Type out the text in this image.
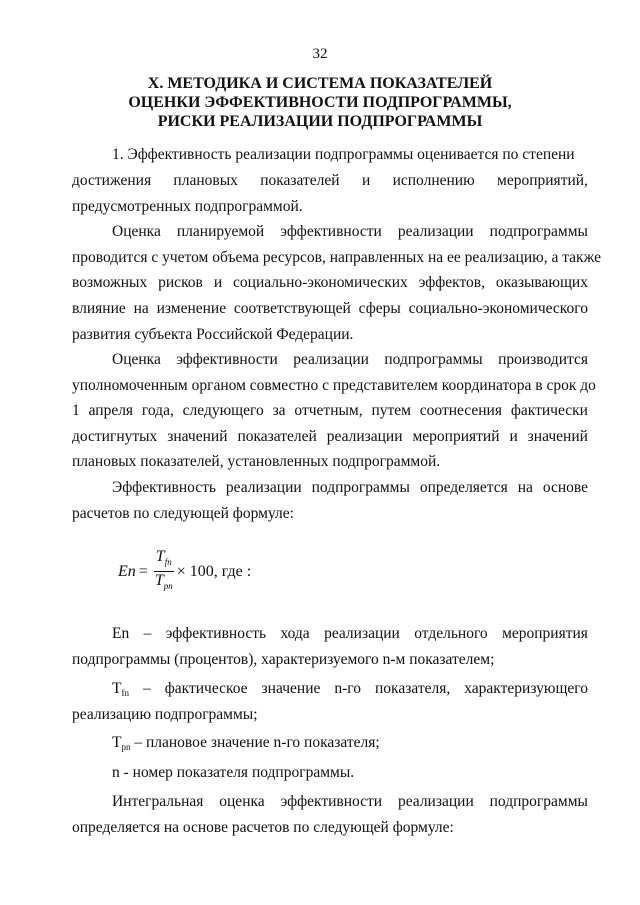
32
X. МЕТОДИКА И СИСТЕМА ПОКАЗАТЕЛЕЙ
ОЦЕНКИ ЭФФЕКТИВНОСТИ ПОДПРОГРАММЫ,
РИСКИ РЕАЛИЗАЦИИ ПОДПРОГРАММЫ
1. Эффективность реализации подпрограммы оценивается по степени
достижения плановых показателей и исполнению мероприятий,
предусмотренных подпрограммой.
Оценка планируемой эффективности реализации подпрограммы
проводится с учетом объема ресурсов, направленных на ее реализацию, а также
возможных рисков и социально-экономических эффектов, оказывающих
влияние на изменение соответствующей сферы социально-экономического
развития субъекта Российской Федерации.
Оценка эффективности реализации подпрограммы производится
уполномоченным органом совместно с представителем координатора в срок до
1 апреля года, следующего за отчетным, путем соотнесения фактически
достигнутых значений показателей реализации мероприятий и значений
плановых показателей, установленных подпрограммой.
Эффективность реализации подпрограммы определяется на основе
расчетов по следующей формуле:
$En = \frac{T_{fn}}{T_{pn}} \times 100$, где :
En – эффективность хода реализации отдельного мероприятия
подпрограммы (процентов), характеризуемого n-м показателем;
$T_{fn}$ – фактическое значение n-го показателя, характеризующего
реализацию подпрограммы;
$T_{pn}$ – плановое значение n-го показателя;
n - номер показателя подпрограммы.
Интегральная оценка эффективности реализации подпрограммы
определяется на основе расчетов по следующей формуле:
